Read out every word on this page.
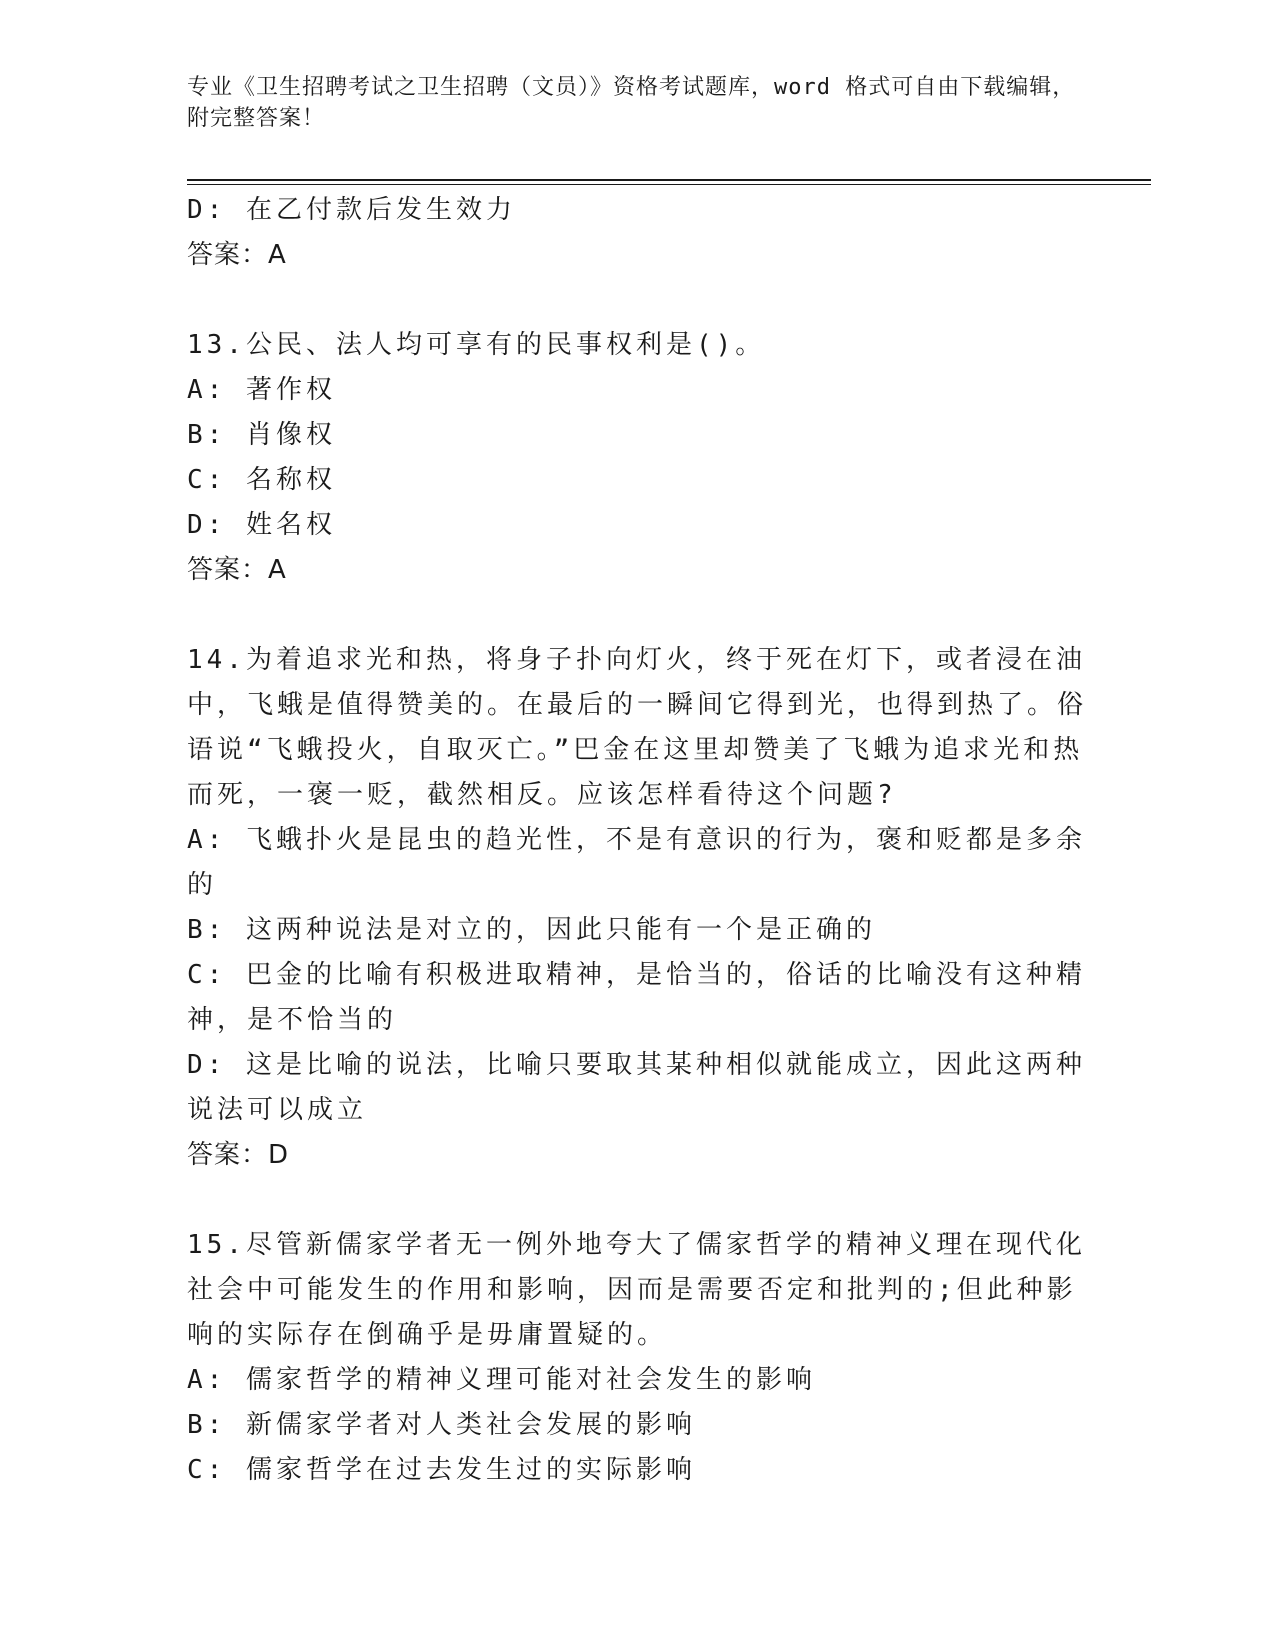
专业《卫生招聘考试之卫生招聘（文员）》资格考试题库，word 格式可自由下载编辑，附完整答案！

D: 在乙付款后发生效力

答案：A

13.公民、法人均可享有的民事权利是()。

A: 著作权

B: 肖像权

C: 名称权

D: 姓名权

答案：A

14.为着追求光和热，将身子扑向灯火，终于死在灯下，或者浸在油中，飞蛾是值得赞美的。在最后的一瞬间它得到光，也得到热了。俗语说“飞蛾投火，自取灭亡。”巴金在这里却赞美了飞蛾为追求光和热而死，一褒一贬，截然相反。应该怎样看待这个问题?

A: 飞蛾扑火是昆虫的趋光性，不是有意识的行为，褒和贬都是多余的

B: 这两种说法是对立的，因此只能有一个是正确的

C: 巴金的比喻有积极进取精神，是恰当的，俗话的比喻没有这种精神，是不恰当的

D: 这是比喻的说法，比喻只要取其某种相似就能成立，因此这两种说法可以成立

答案：D

15.尽管新儒家学者无一例外地夸大了儒家哲学的精神义理在现代化社会中可能发生的作用和影响，因而是需要否定和批判的;但此种影响的实际存在倒确乎是毋庸置疑的。

A: 儒家哲学的精神义理可能对社会发生的影响

B: 新儒家学者对人类社会发展的影响

C: 儒家哲学在过去发生过的实际影响
